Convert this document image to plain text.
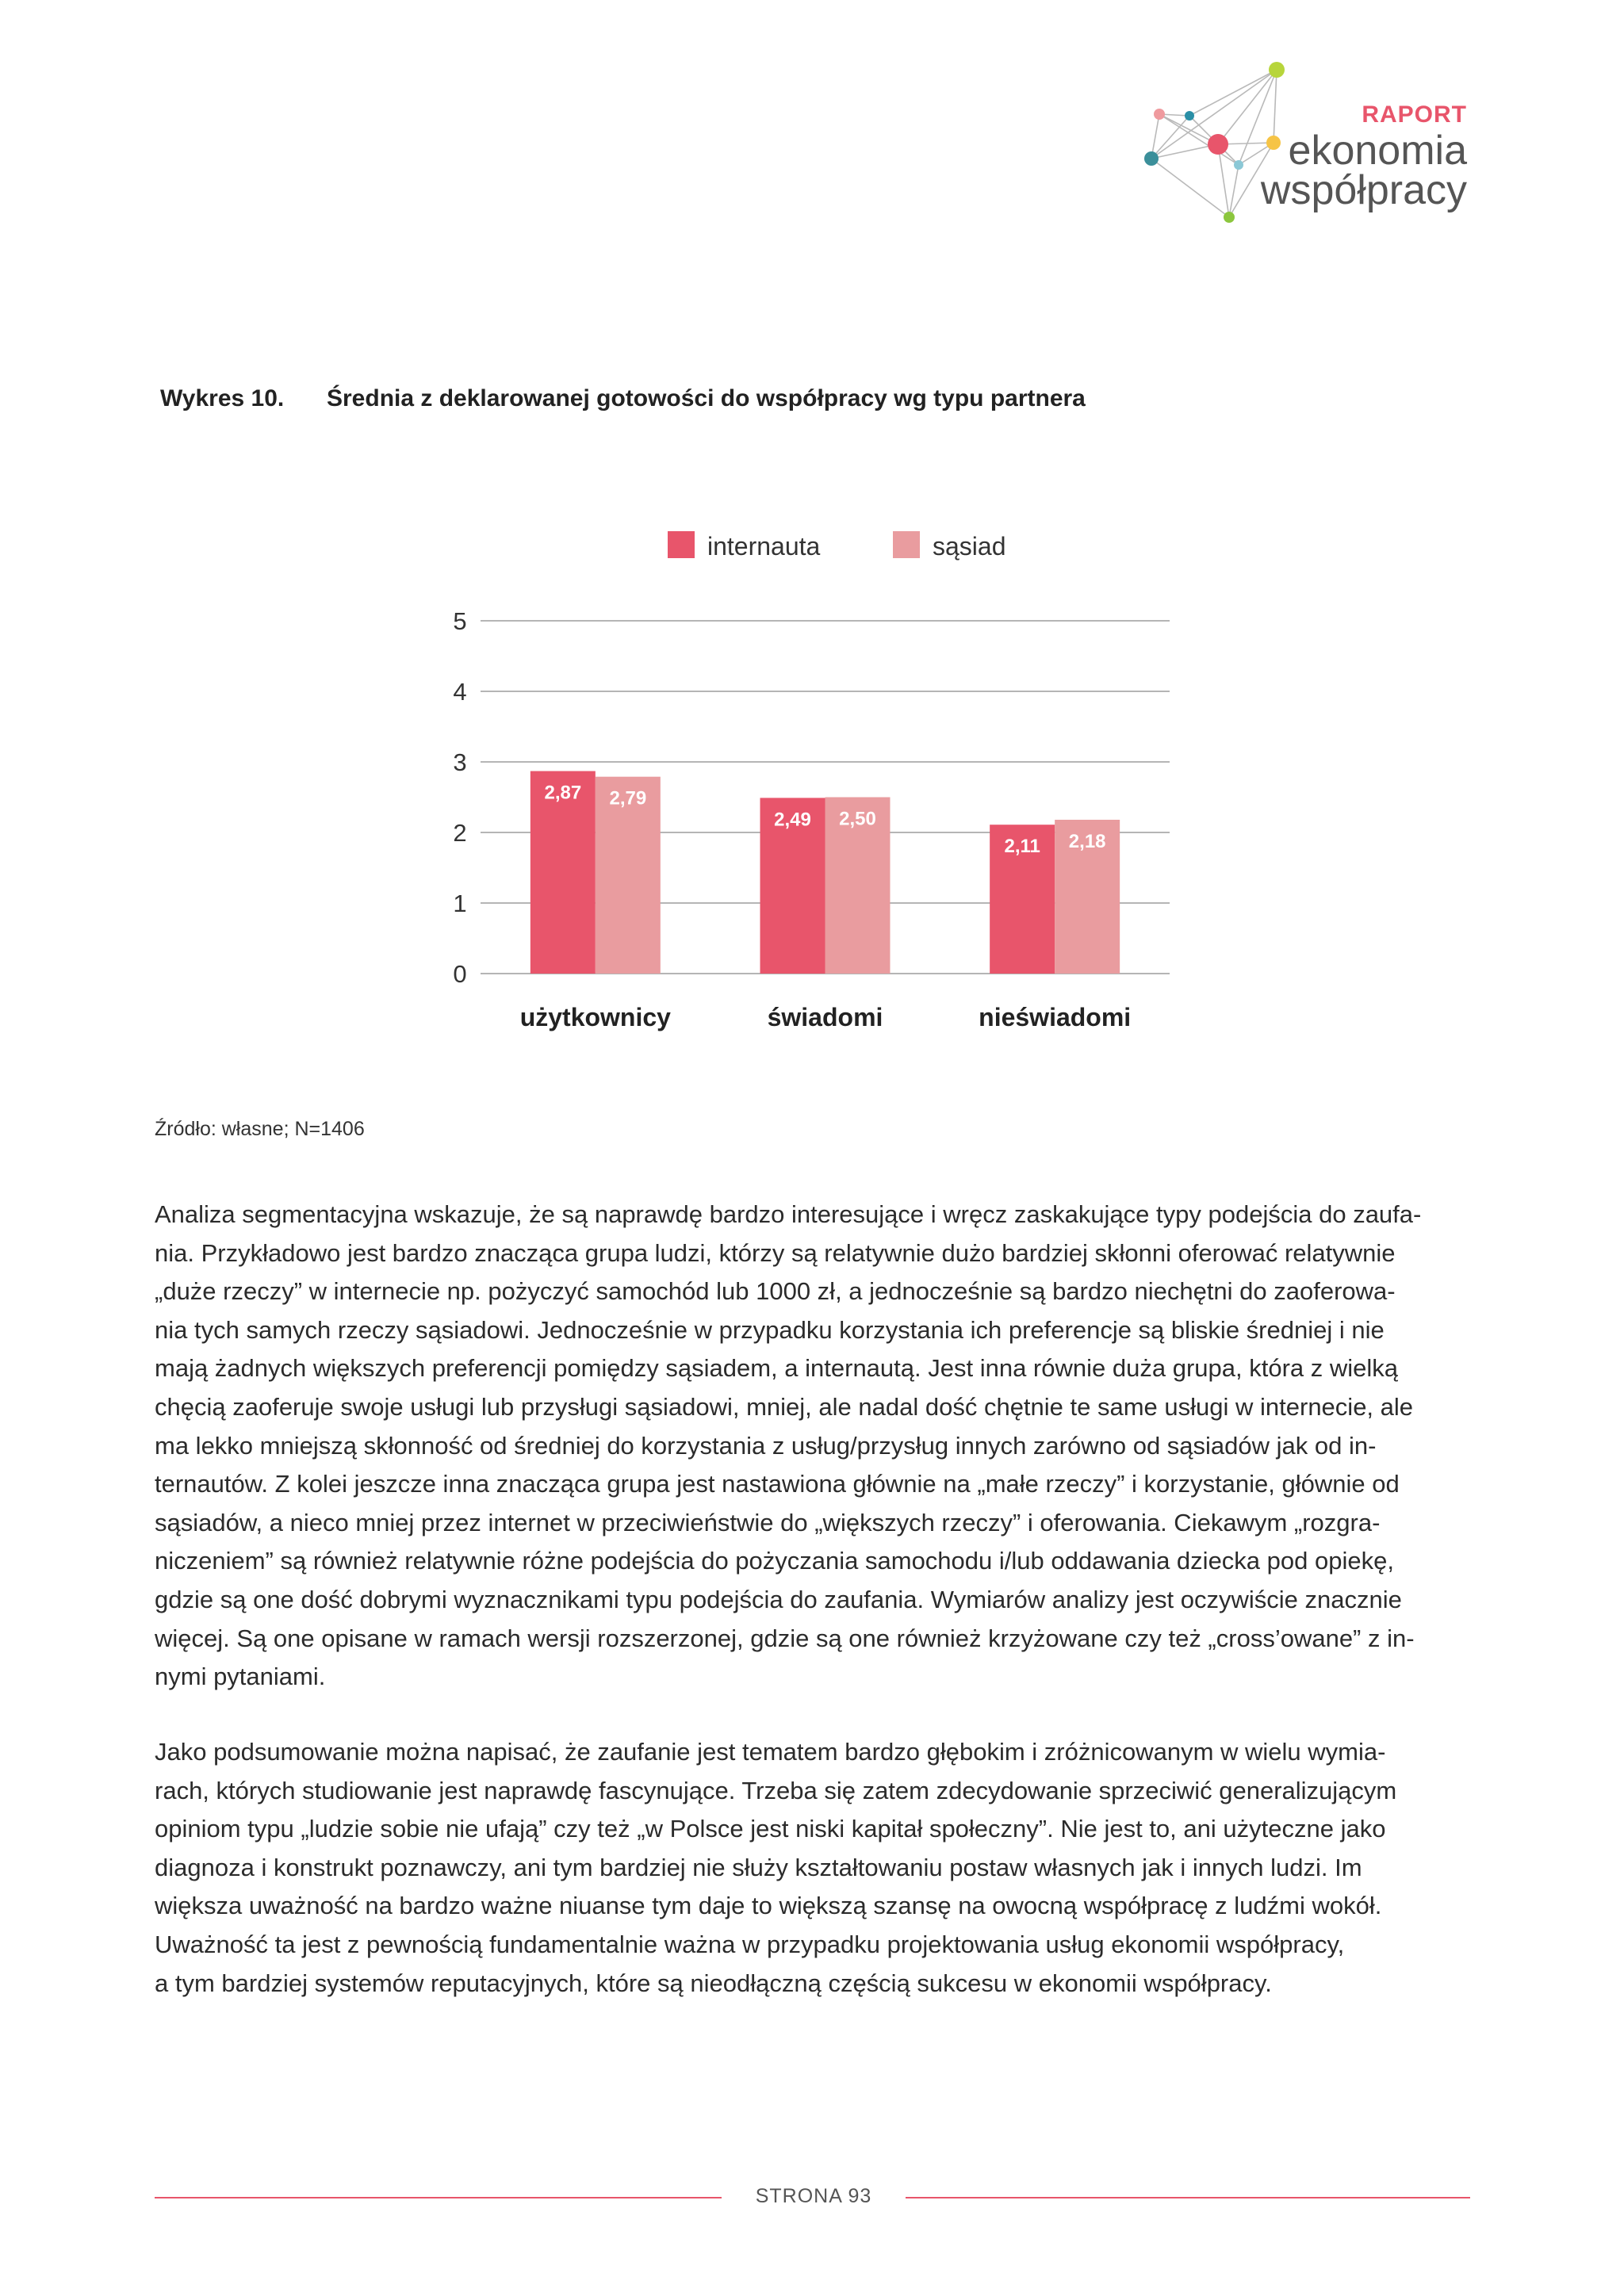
RAPORT
ekonomia
współpracy
Wykres 10. Średnia z deklarowanej gotowości do współpracy wg typu partnera
internauta	sąsiad
0
1
2
3
4
5
2,87 2,79
użytkownicy
2,49 2,50
świadomi
2,11 2,18
nieświadomi
Źródło: własne; N=1406

Analiza segmentacyjna wskazuje, że są naprawdę bardzo interesujące i wręcz zaskakujące typy podejścia do zaufa-
nia. Przykładowo jest bardzo znacząca grupa ludzi, którzy są relatywnie dużo bardziej skłonni oferować relatywnie
„duże rzeczy” w internecie np. pożyczyć samochód lub 1000 zł, a jednocześnie są bardzo niechętni do zaoferowa-
nia tych samych rzeczy sąsiadowi. Jednocześnie w przypadku korzystania ich preferencje są bliskie średniej i nie
mają żadnych większych preferencji pomiędzy sąsiadem, a internautą. Jest inna równie duża grupa, która z wielką
chęcią zaoferuje swoje usługi lub przysługi sąsiadowi, mniej, ale nadal dość chętnie te same usługi w internecie, ale
ma lekko mniejszą skłonność od średniej do korzystania z usług/przysług innych zarówno od sąsiadów jak od in-
ternautów. Z kolei jeszcze inna znacząca grupa jest nastawiona głównie na „małe rzeczy” i korzystanie, głównie od
sąsiadów, a nieco mniej przez internet w przeciwieństwie do „większych rzeczy” i oferowania. Ciekawym „rozgra-
niczeniem” są również relatywnie różne podejścia do pożyczania samochodu i/lub oddawania dziecka pod opiekę,
gdzie są one dość dobrymi wyznacznikami typu podejścia do zaufania. Wymiarów analizy jest oczywiście znacznie
więcej. Są one opisane w ramach wersji rozszerzonej, gdzie są one również krzyżowane czy też „cross’owane” z in-
nymi pytaniami.

Jako podsumowanie można napisać, że zaufanie jest tematem bardzo głębokim i zróżnicowanym w wielu wymia-
rach, których studiowanie jest naprawdę fascynujące. Trzeba się zatem zdecydowanie sprzeciwić generalizującym
opiniom typu „ludzie sobie nie ufają” czy też „w Polsce jest niski kapitał społeczny”. Nie jest to, ani użyteczne jako
diagnoza i konstrukt poznawczy, ani tym bardziej nie służy kształtowaniu postaw własnych jak i innych ludzi. Im
większa uważność na bardzo ważne niuanse tym daje to większą szansę na owocną współpracę z ludźmi wokół.
Uważność ta jest z pewnością fundamentalnie ważna w przypadku projektowania usług ekonomii współpracy,
a tym bardziej systemów reputacyjnych, które są nieodłączną częścią sukcesu w ekonomii współpracy.

STRONA 93
